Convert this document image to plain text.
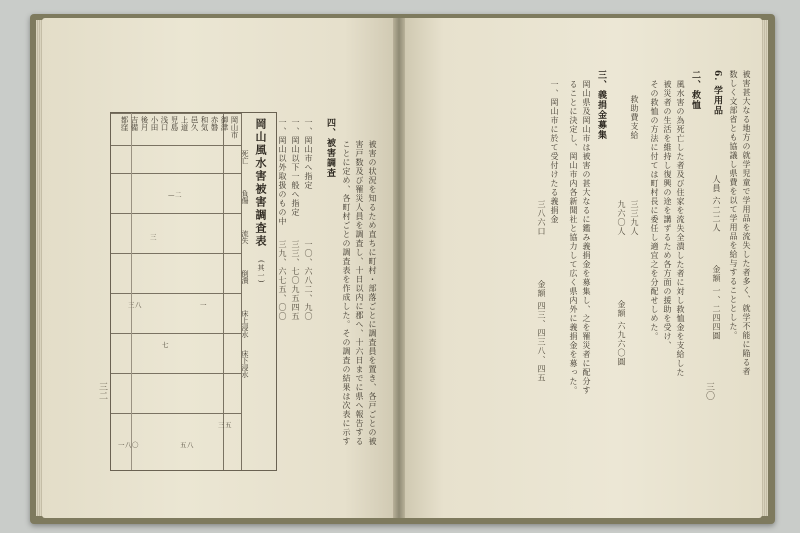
被害の状況を知るため直ちに町村・部落ごとに調査員を置き、各戸ごとの被
害戸数及び罹災人員を調査し、十日以内に郡へ、十六日までに県へ報告する
ことに定め、各町村ごとの調査表を作成した。その調査の結果は次表に示す
四、被害調査
一、岡山市へ指定
一、岡山以下一般へ指定
一、岡山以外取扱のもの中
一〇、六八二、九〇
三三、七〇九五四五
三九、六七五、〇〇
岡山風水害被害調査表
(其一)
岡山市
御津
赤磐
和気
邑久
上道
児島
浅口
小田
後月
吉備
都窪
死亡
負傷
流失
倒潰
床上浸水
床下浸水
—二
三
一
三八
七
三五
一八〇	五八
三二
被害甚大なる地方の就学児童で学用品を流失した者多く、就学不能に陥る者
数しく文部省とも協議し県費を以て学用品を給与することとした。
6. 学用品
人員 六二二人
金額 一、二四四圓
二、救恤
風水害の為死亡した者及び住家を流失全潰した者に対し救恤金を支給した
被災者の生活を維持し復興の途を講ずるため各方面の援助を受け、
その救恤の方法に付ては町村長に委任し適宜之を分配せしめた。
救助費支給
三三九人
九六〇人
金額 六九六〇圓
三、義捐金募集
岡山県及岡山市は被害の甚大なるに鑑み義捐金を募集し、之を罹災者に配分す
ることに決定し、岡山市内各新聞社と協力して広く県内外に義捐金を募った。
一、岡山市に於て受付けたる義捐金
三八六口
金額 四三、四三八、四五
三〇
